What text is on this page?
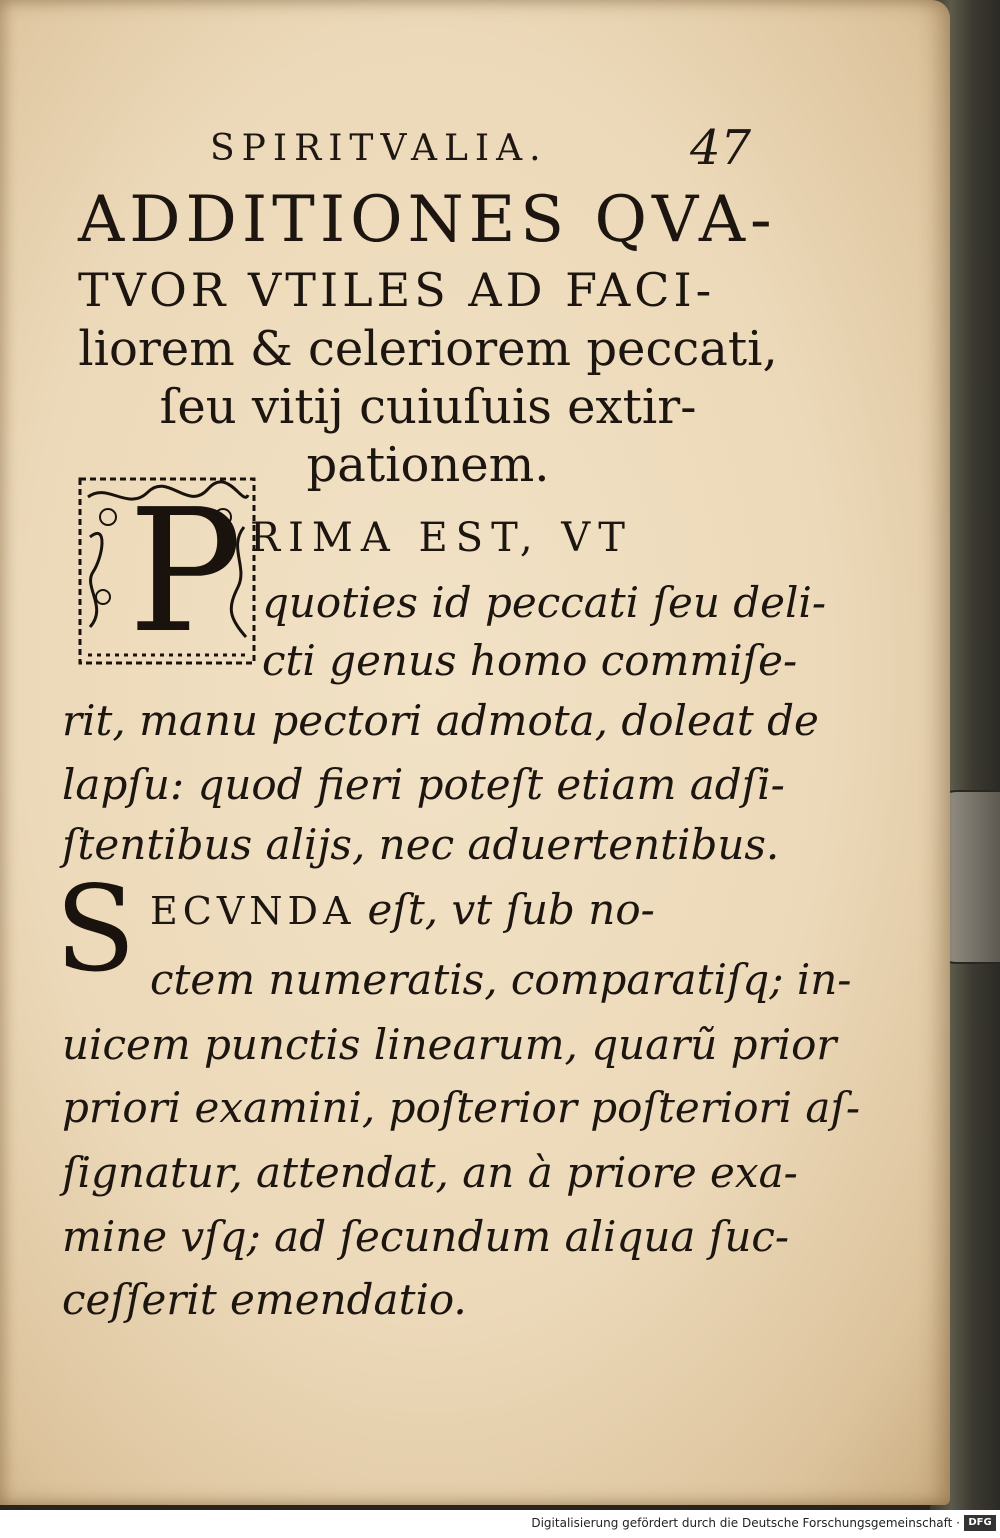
SPIRITVALIA.	47
ADDITIONES QVA-
TVOR VTILES AD FACI-
liorem & celeriorem peccati,
ſeu vitij cuiuſuis extir-
pationem.
P RIMA EST, VT
quoties id peccati ſeu deli-
cti genus homo commiſe-
rit, manu pectori admota, doleat de
lapſu: quod fieri poteſt etiam adſi-
ſtentibus alijs, nec aduertentibus.
S ECVNDA eſt, vt ſub no-
ctem numeratis, comparatiſq; in-
uicem punctis linearum, quarũ prior
priori examini, poſterior poſteriori aſ-
ſignatur, attendat, an à priore exa-
mine vſq; ad ſecundum aliqua ſuc-
ceſſerit emendatio.
Digitalisierung gefördert durch die Deutsche Forschungsgemeinschaft · DFG
